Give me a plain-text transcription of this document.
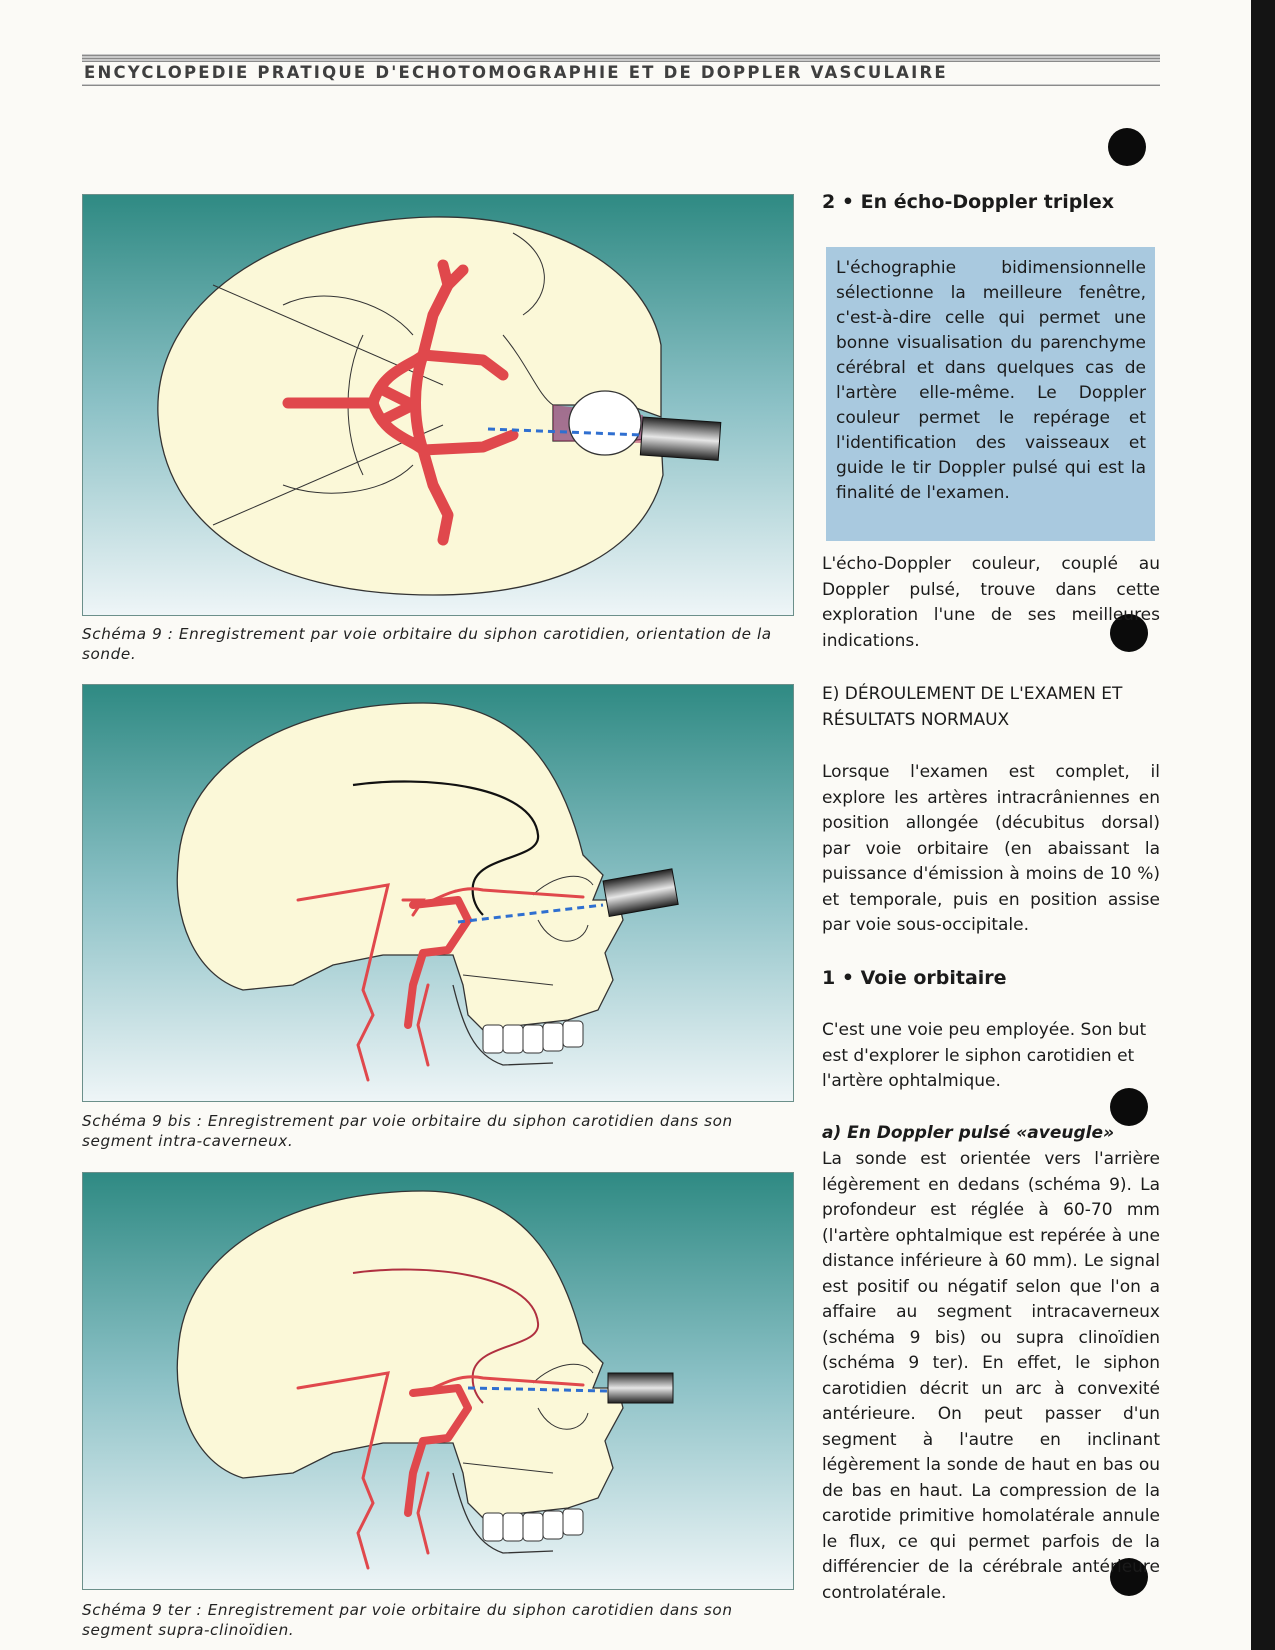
ENCYCLOPEDIE PRATIQUE D'ECHOTOMOGRAPHIE ET DE DOPPLER VASCULAIRE
Schéma 9 : Enregistrement par voie orbitaire du siphon carotidien, orientation de la sonde.
Schéma 9 bis : Enregistrement par voie orbitaire du siphon carotidien dans son segment intra-caverneux.
Schéma 9 ter : Enregistrement par voie orbitaire du siphon carotidien dans son segment supra-clinoïdien.
2 • En écho-Doppler triplex
L'échographie bidimensionnelle sélectionne la meilleure fenêtre, c'est-à-dire celle qui permet une bonne visualisation du parenchyme cérébral et dans quelques cas de l'artère elle-même. Le Doppler couleur permet le repérage et l'identification des vaisseaux et guide le tir Doppler pulsé qui est la finalité de l'examen.
L'écho-Doppler couleur, couplé au Doppler pulsé, trouve dans cette exploration l'une de ses meilleures indications.
E) DÉROULEMENT DE L'EXAMEN ET RÉSULTATS NORMAUX
Lorsque l'examen est complet, il explore les artères intracrâniennes en position allongée (décubitus dorsal) par voie orbitaire (en abaissant la puissance d'émission à moins de 10 %) et temporale, puis en position assise par voie sous-occipitale.
1 • Voie orbitaire
C'est une voie peu employée. Son but est d'explorer le siphon carotidien et l'artère ophtalmique.
a) En Doppler pulsé «aveugle»
La sonde est orientée vers l'arrière légèrement en dedans (schéma 9). La profondeur est réglée à 60-70 mm (l'artère ophtalmique est repérée à une distance inférieure à 60 mm). Le signal est positif ou négatif selon que l'on a affaire au segment intracaverneux (schéma 9 bis) ou supra clinoïdien (schéma 9 ter). En effet, le siphon carotidien décrit un arc à convexité antérieure. On peut passer d'un segment à l'autre en inclinant légèrement la sonde de haut en bas ou de bas en haut. La compression de la carotide primitive homolatérale annule le flux, ce qui permet parfois de la différencier de la cérébrale antérieure controlatérale.
